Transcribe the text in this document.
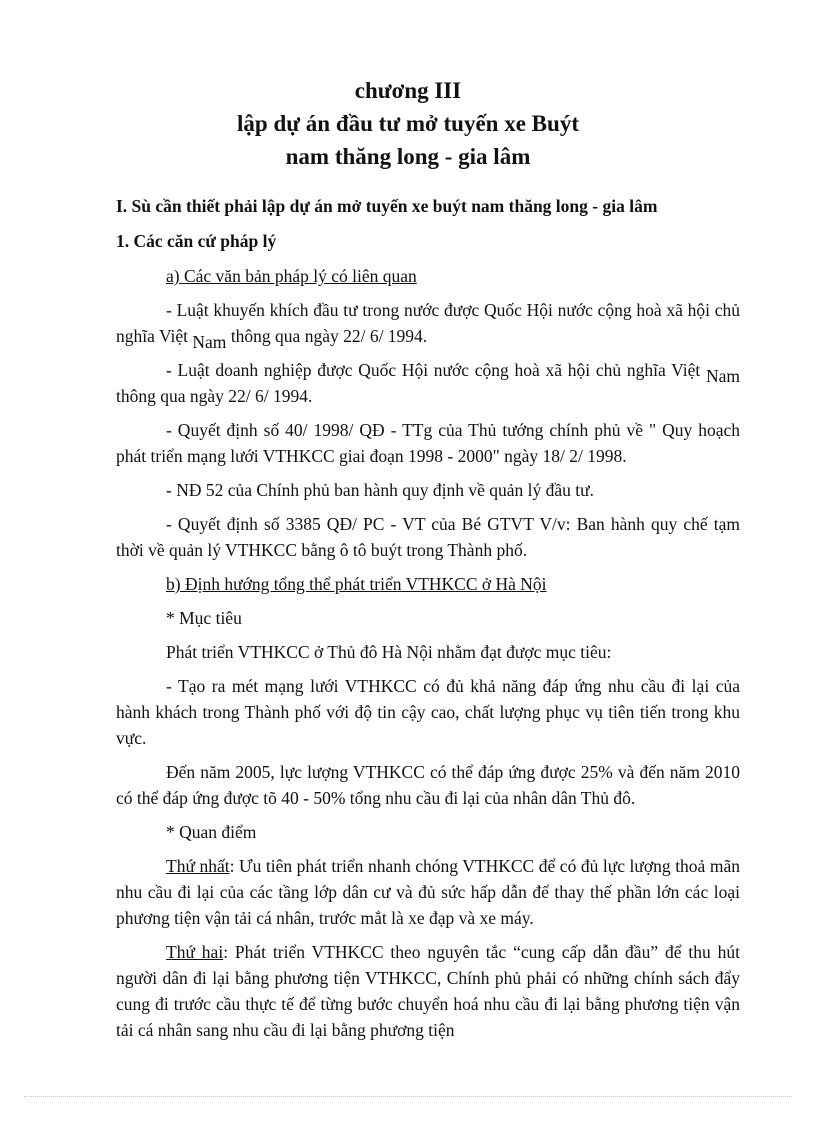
chương III

lập dự án đầu tư mở tuyến xe Buýt

nam thăng long - gia lâm

I. Sù cần thiết phải lập dự án mở tuyến xe buýt nam thăng long - gia lâm

1. Các căn cứ pháp lý

a) Các văn bản pháp lý có liên quan

- Luật khuyến khích đầu tư trong nước được Quốc Hội nước cộng hoà xã hội chủ nghĩa Việt Nam thông qua ngày 22/ 6/ 1994.

- Luật doanh nghiệp được Quốc Hội nước cộng hoà xã hội chủ nghĩa Việt Nam thông qua ngày 22/ 6/ 1994.

- Quyết định số 40/ 1998/ QĐ - TTg của Thủ tướng chính phủ về " Quy hoạch phát triển mạng lưới VTHKCC giai đoạn 1998 - 2000" ngày 18/ 2/ 1998.

- NĐ 52 của Chính phủ ban hành quy định về quản lý đầu tư.

- Quyết định số 3385 QĐ/ PC - VT của Bé GTVT V/v: Ban hành quy chế tạm thời về quản lý VTHKCC bằng ô tô buýt trong Thành phố.

b) Định hướng tổng thể phát triển VTHKCC ở Hà Nội

* Mục tiêu

Phát triển VTHKCC ở Thủ đô Hà Nội nhằm đạt được mục tiêu:

- Tạo ra mét mạng lưới VTHKCC có đủ khả năng đáp ứng nhu cầu đi lại của hành khách trong Thành phố với độ tin cậy cao, chất lượng phục vụ tiên tiến trong khu vực.

Đến năm 2005, lực lượng VTHKCC có thể đáp ứng được 25% và đến năm 2010 có thể đáp ứng được tõ 40 - 50% tổng nhu cầu đi lại của nhân dân Thủ đô.

* Quan điểm

Thứ nhất: Ưu tiên phát triển nhanh chóng VTHKCC để có đủ lực lượng thoả mãn nhu cầu đi lại của các tầng lớp dân cư và đủ sức hấp dẫn để thay thế phần lớn các loại phương tiện vận tải cá nhân, trước mắt là xe đạp và xe máy.

Thứ hai: Phát triển VTHKCC theo nguyên tắc “cung cấp dẫn đầu” để thu hút người dân đi lại bằng phương tiện VTHKCC, Chính phủ phải có những chính sách đẩy cung đi trước cầu thực tế để từng bước chuyển hoá nhu cầu đi lại bằng phương tiện vận tải cá nhân sang nhu cầu đi lại bằng phương tiện
